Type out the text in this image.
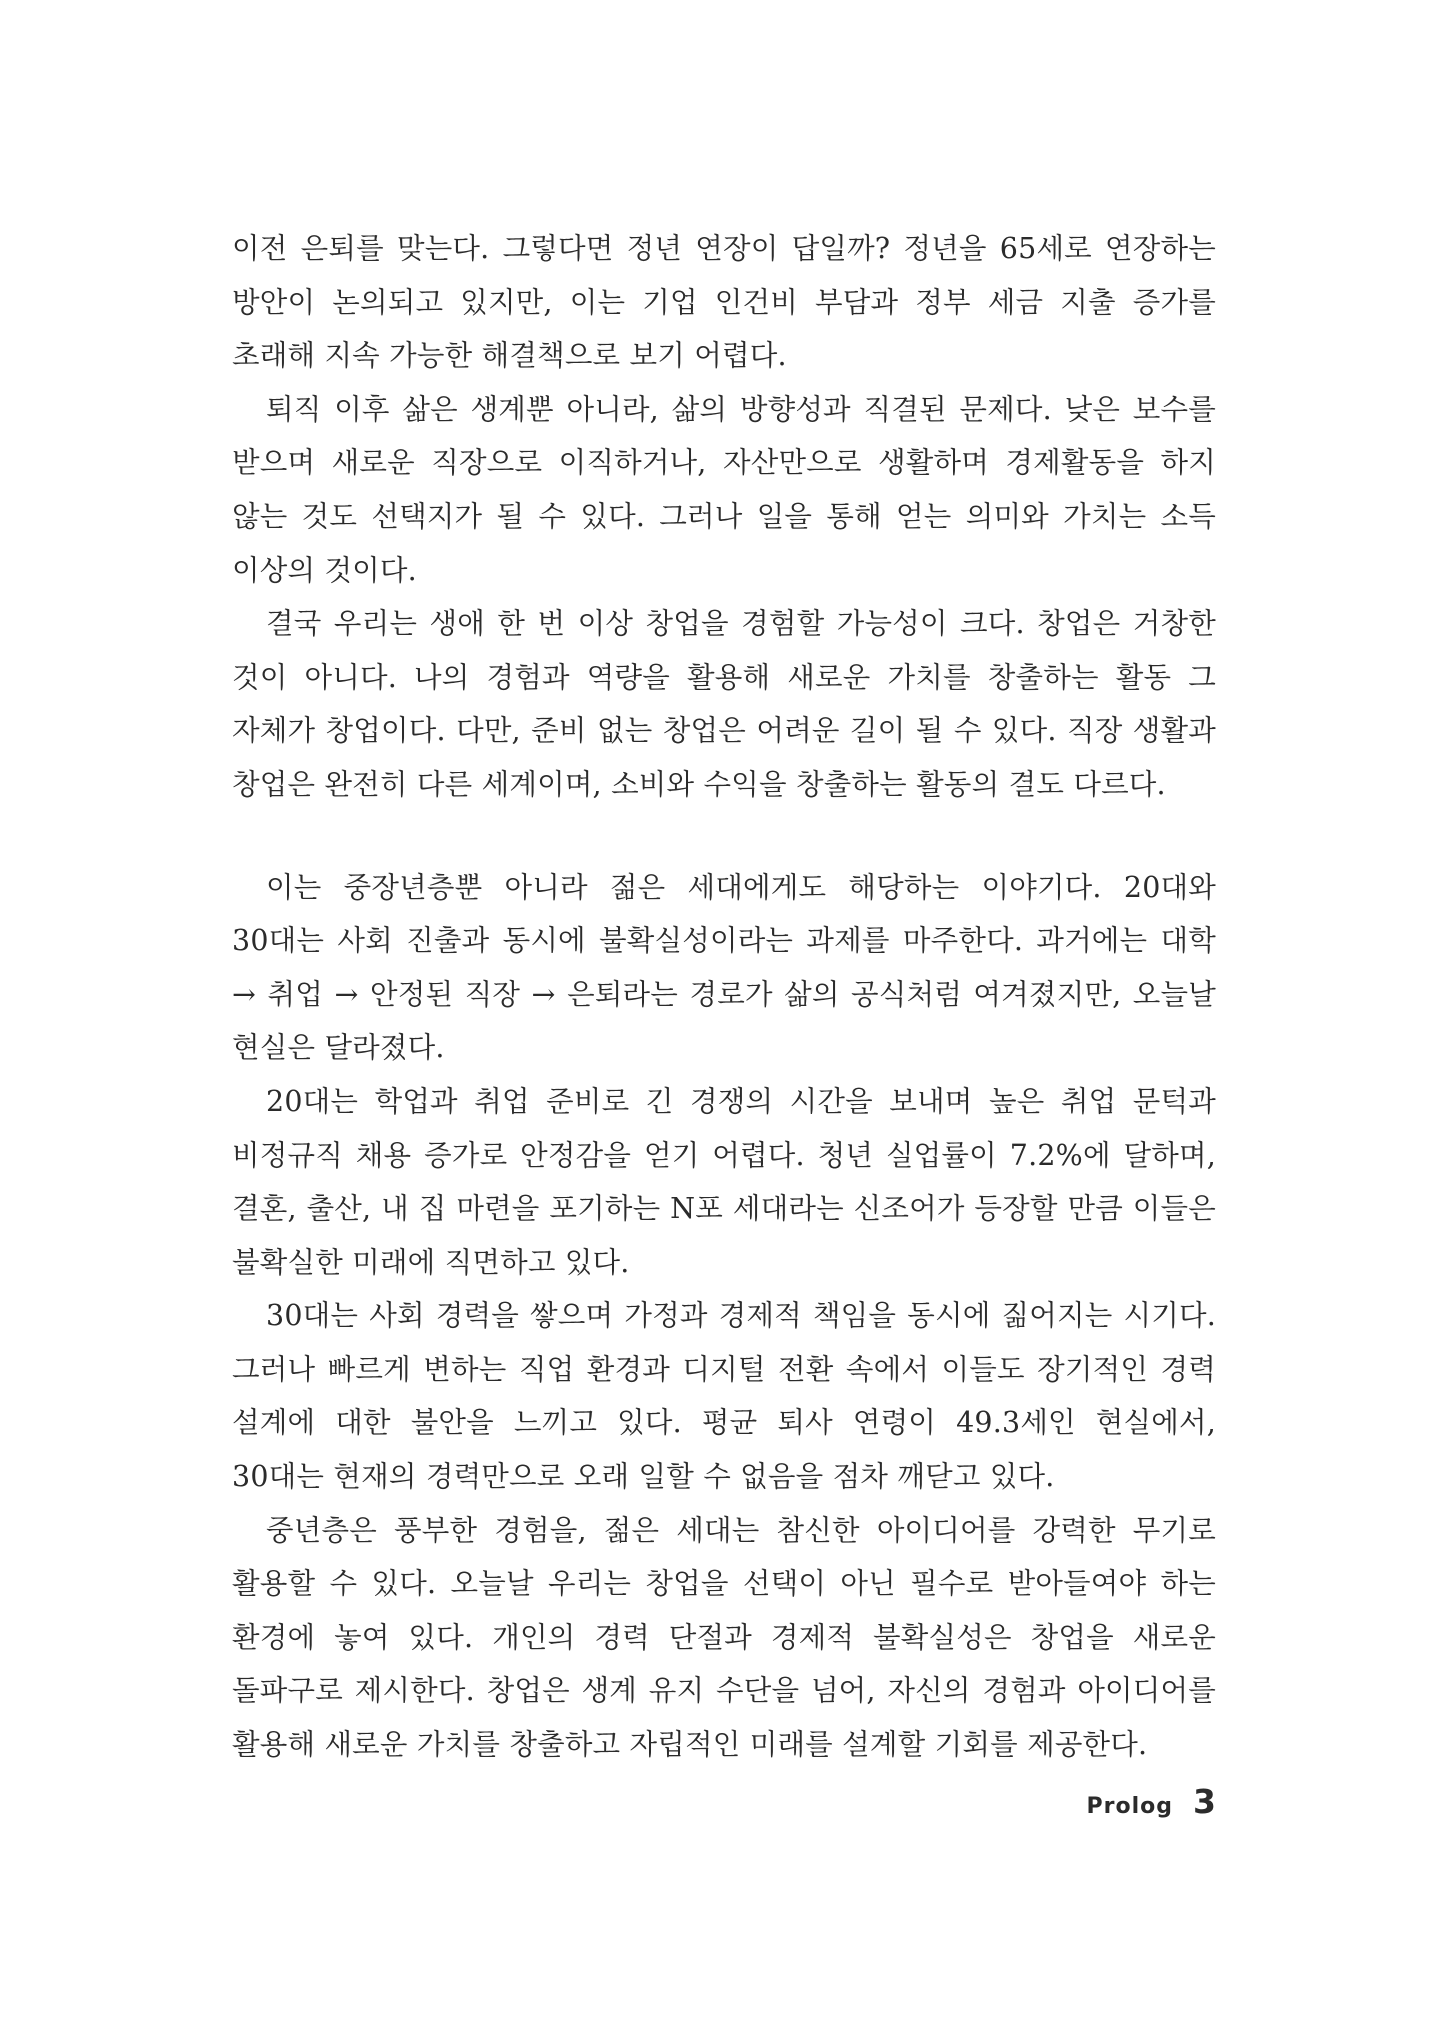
이전 은퇴를 맞는다. 그렇다면 정년 연장이 답일까? 정년을 65세로 연장하는 방안이 논의되고 있지만, 이는 기업 인건비 부담과 정부 세금 지출 증가를 초래해 지속 가능한 해결책으로 보기 어렵다.

퇴직 이후 삶은 생계뿐 아니라, 삶의 방향성과 직결된 문제다. 낮은 보수를 받으며 새로운 직장으로 이직하거나, 자산만으로 생활하며 경제활동을 하지 않는 것도 선택지가 될 수 있다. 그러나 일을 통해 얻는 의미와 가치는 소득 이상의 것이다.

결국 우리는 생애 한 번 이상 창업을 경험할 가능성이 크다. 창업은 거창한 것이 아니다. 나의 경험과 역량을 활용해 새로운 가치를 창출하는 활동 그 자체가 창업이다. 다만, 준비 없는 창업은 어려운 길이 될 수 있다. 직장 생활과 창업은 완전히 다른 세계이며, 소비와 수익을 창출하는 활동의 결도 다르다.

이는 중장년층뿐 아니라 젊은 세대에게도 해당하는 이야기다. 20대와 30대는 사회 진출과 동시에 불확실성이라는 과제를 마주한다. 과거에는 대학 → 취업 → 안정된 직장 → 은퇴라는 경로가 삶의 공식처럼 여겨졌지만, 오늘날 현실은 달라졌다.

20대는 학업과 취업 준비로 긴 경쟁의 시간을 보내며 높은 취업 문턱과 비정규직 채용 증가로 안정감을 얻기 어렵다. 청년 실업률이 7.2%에 달하며, 결혼, 출산, 내 집 마련을 포기하는 N포 세대라는 신조어가 등장할 만큼 이들은 불확실한 미래에 직면하고 있다.

30대는 사회 경력을 쌓으며 가정과 경제적 책임을 동시에 짊어지는 시기다. 그러나 빠르게 변하는 직업 환경과 디지털 전환 속에서 이들도 장기적인 경력 설계에 대한 불안을 느끼고 있다. 평균 퇴사 연령이 49.3세인 현실에서, 30대는 현재의 경력만으로 오래 일할 수 없음을 점차 깨닫고 있다.

중년층은 풍부한 경험을, 젊은 세대는 참신한 아이디어를 강력한 무기로 활용할 수 있다. 오늘날 우리는 창업을 선택이 아닌 필수로 받아들여야 하는 환경에 놓여 있다. 개인의 경력 단절과 경제적 불확실성은 창업을 새로운 돌파구로 제시한다. 창업은 생계 유지 수단을 넘어, 자신의 경험과 아이디어를 활용해 새로운 가치를 창출하고 자립적인 미래를 설계할 기회를 제공한다.

Prolog 3
